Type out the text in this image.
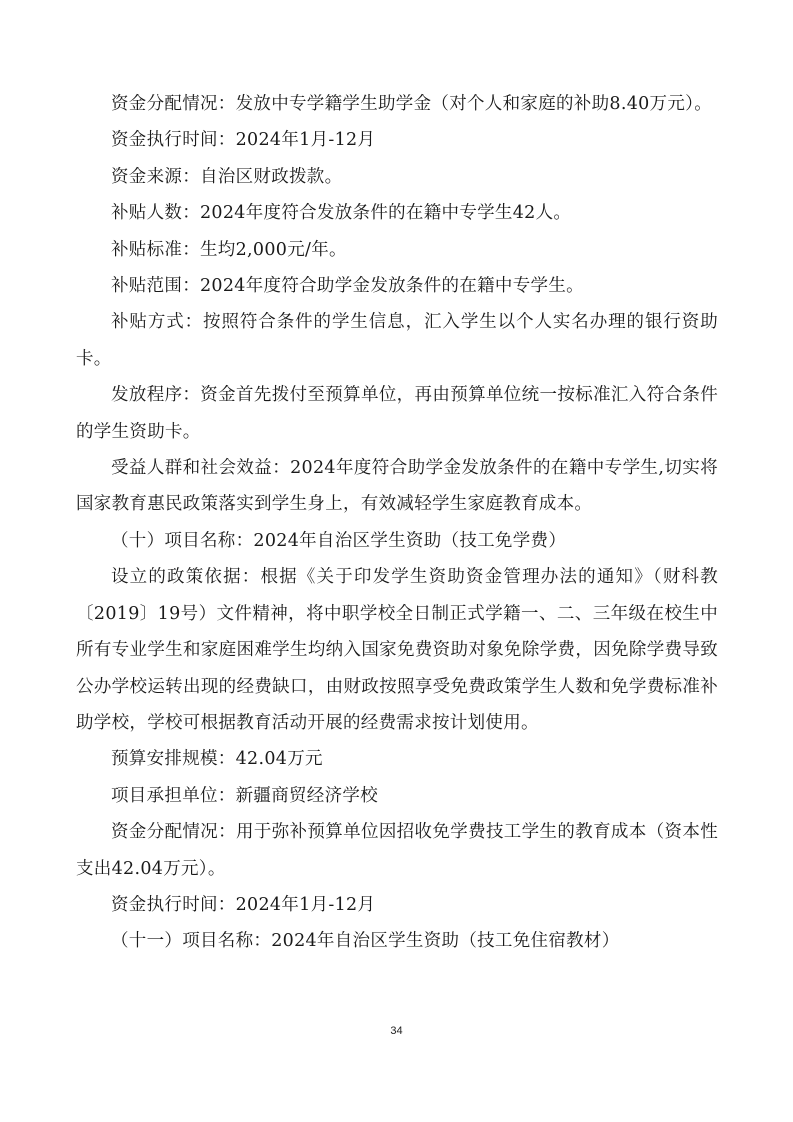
资金分配情况：发放中专学籍学生助学金（对个人和家庭的补助8.40万元）。

资金执行时间：2024年1月-12月

资金来源：自治区财政拨款。

补贴人数：2024年度符合发放条件的在籍中专学生42人。

补贴标准：生均2,000元/年。

补贴范围：2024年度符合助学金发放条件的在籍中专学生。

补贴方式：按照符合条件的学生信息，汇入学生以个人实名办理的银行资助卡。

发放程序：资金首先拨付至预算单位，再由预算单位统一按标准汇入符合条件的学生资助卡。

受益人群和社会效益：2024年度符合助学金发放条件的在籍中专学生,切实将国家教育惠民政策落实到学生身上，有效减轻学生家庭教育成本。

（十）项目名称：2024年自治区学生资助（技工免学费）

设立的政策依据：根据《关于印发学生资助资金管理办法的通知》（财科教〔2019〕19号）文件精神，将中职学校全日制正式学籍一、二、三年级在校生中所有专业学生和家庭困难学生均纳入国家免费资助对象免除学费，因免除学费导致公办学校运转出现的经费缺口，由财政按照享受免费政策学生人数和免学费标准补助学校，学校可根据教育活动开展的经费需求按计划使用。

预算安排规模：42.04万元

项目承担单位：新疆商贸经济学校

资金分配情况：用于弥补预算单位因招收免学费技工学生的教育成本（资本性支出42.04万元）。

资金执行时间：2024年1月-12月

（十一）项目名称：2024年自治区学生资助（技工免住宿教材）

34
